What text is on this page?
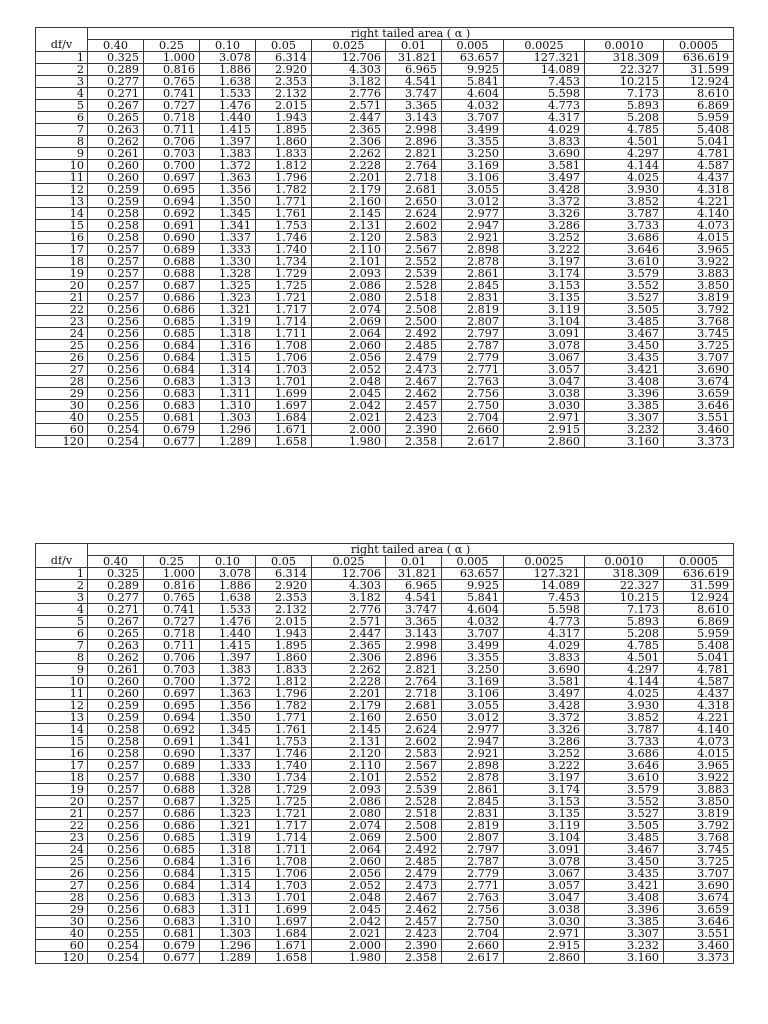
	right tailed area ( α )									
df/v	0.40	0.25	0.10	0.05	0.025	0.01	0.005	0.0025	0.0010	0.0005
1	0.325	1.000	3.078	6.314	12.706	31.821	63.657	127.321	318.309	636.619
2	0.289	0.816	1.886	2.920	4.303	6.965	9.925	14.089	22.327	31.599
3	0.277	0.765	1.638	2.353	3.182	4.541	5.841	7.453	10.215	12.924
4	0.271	0.741	1.533	2.132	2.776	3.747	4.604	5.598	7.173	8.610
5	0.267	0.727	1.476	2.015	2.571	3.365	4.032	4.773	5.893	6.869
6	0.265	0.718	1.440	1.943	2.447	3.143	3.707	4.317	5.208	5.959
7	0.263	0.711	1.415	1.895	2.365	2.998	3.499	4.029	4.785	5.408
8	0.262	0.706	1.397	1.860	2.306	2.896	3.355	3.833	4.501	5.041
9	0.261	0.703	1.383	1.833	2.262	2.821	3.250	3.690	4.297	4.781
10	0.260	0.700	1.372	1.812	2.228	2.764	3.169	3.581	4.144	4.587
11	0.260	0.697	1.363	1.796	2.201	2.718	3.106	3.497	4.025	4.437
12	0.259	0.695	1.356	1.782	2.179	2.681	3.055	3.428	3.930	4.318
13	0.259	0.694	1.350	1.771	2.160	2.650	3.012	3.372	3.852	4.221
14	0.258	0.692	1.345	1.761	2.145	2.624	2.977	3.326	3.787	4.140
15	0.258	0.691	1.341	1.753	2.131	2.602	2.947	3.286	3.733	4.073
16	0.258	0.690	1.337	1.746	2.120	2.583	2.921	3.252	3.686	4.015
17	0.257	0.689	1.333	1.740	2.110	2.567	2.898	3.222	3.646	3.965
18	0.257	0.688	1.330	1.734	2.101	2.552	2.878	3.197	3.610	3.922
19	0.257	0.688	1.328	1.729	2.093	2.539	2.861	3.174	3.579	3.883
20	0.257	0.687	1.325	1.725	2.086	2.528	2.845	3.153	3.552	3.850
21	0.257	0.686	1.323	1.721	2.080	2.518	2.831	3.135	3.527	3.819
22	0.256	0.686	1.321	1.717	2.074	2.508	2.819	3.119	3.505	3.792
23	0.256	0.685	1.319	1.714	2.069	2.500	2.807	3.104	3.485	3.768
24	0.256	0.685	1.318	1.711	2.064	2.492	2.797	3.091	3.467	3.745
25	0.256	0.684	1.316	1.708	2.060	2.485	2.787	3.078	3.450	3.725
26	0.256	0.684	1.315	1.706	2.056	2.479	2.779	3.067	3.435	3.707
27	0.256	0.684	1.314	1.703	2.052	2.473	2.771	3.057	3.421	3.690
28	0.256	0.683	1.313	1.701	2.048	2.467	2.763	3.047	3.408	3.674
29	0.256	0.683	1.311	1.699	2.045	2.462	2.756	3.038	3.396	3.659
30	0.256	0.683	1.310	1.697	2.042	2.457	2.750	3.030	3.385	3.646
40	0.255	0.681	1.303	1.684	2.021	2.423	2.704	2.971	3.307	3.551
60	0.254	0.679	1.296	1.671	2.000	2.390	2.660	2.915	3.232	3.460
120	0.254	0.677	1.289	1.658	1.980	2.358	2.617	2.860	3.160	3.373
	right tailed area ( α )									
df/v	0.40	0.25	0.10	0.05	0.025	0.01	0.005	0.0025	0.0010	0.0005
1	0.325	1.000	3.078	6.314	12.706	31.821	63.657	127.321	318.309	636.619
2	0.289	0.816	1.886	2.920	4.303	6.965	9.925	14.089	22.327	31.599
3	0.277	0.765	1.638	2.353	3.182	4.541	5.841	7.453	10.215	12.924
4	0.271	0.741	1.533	2.132	2.776	3.747	4.604	5.598	7.173	8.610
5	0.267	0.727	1.476	2.015	2.571	3.365	4.032	4.773	5.893	6.869
6	0.265	0.718	1.440	1.943	2.447	3.143	3.707	4.317	5.208	5.959
7	0.263	0.711	1.415	1.895	2.365	2.998	3.499	4.029	4.785	5.408
8	0.262	0.706	1.397	1.860	2.306	2.896	3.355	3.833	4.501	5.041
9	0.261	0.703	1.383	1.833	2.262	2.821	3.250	3.690	4.297	4.781
10	0.260	0.700	1.372	1.812	2.228	2.764	3.169	3.581	4.144	4.587
11	0.260	0.697	1.363	1.796	2.201	2.718	3.106	3.497	4.025	4.437
12	0.259	0.695	1.356	1.782	2.179	2.681	3.055	3.428	3.930	4.318
13	0.259	0.694	1.350	1.771	2.160	2.650	3.012	3.372	3.852	4.221
14	0.258	0.692	1.345	1.761	2.145	2.624	2.977	3.326	3.787	4.140
15	0.258	0.691	1.341	1.753	2.131	2.602	2.947	3.286	3.733	4.073
16	0.258	0.690	1.337	1.746	2.120	2.583	2.921	3.252	3.686	4.015
17	0.257	0.689	1.333	1.740	2.110	2.567	2.898	3.222	3.646	3.965
18	0.257	0.688	1.330	1.734	2.101	2.552	2.878	3.197	3.610	3.922
19	0.257	0.688	1.328	1.729	2.093	2.539	2.861	3.174	3.579	3.883
20	0.257	0.687	1.325	1.725	2.086	2.528	2.845	3.153	3.552	3.850
21	0.257	0.686	1.323	1.721	2.080	2.518	2.831	3.135	3.527	3.819
22	0.256	0.686	1.321	1.717	2.074	2.508	2.819	3.119	3.505	3.792
23	0.256	0.685	1.319	1.714	2.069	2.500	2.807	3.104	3.485	3.768
24	0.256	0.685	1.318	1.711	2.064	2.492	2.797	3.091	3.467	3.745
25	0.256	0.684	1.316	1.708	2.060	2.485	2.787	3.078	3.450	3.725
26	0.256	0.684	1.315	1.706	2.056	2.479	2.779	3.067	3.435	3.707
27	0.256	0.684	1.314	1.703	2.052	2.473	2.771	3.057	3.421	3.690
28	0.256	0.683	1.313	1.701	2.048	2.467	2.763	3.047	3.408	3.674
29	0.256	0.683	1.311	1.699	2.045	2.462	2.756	3.038	3.396	3.659
30	0.256	0.683	1.310	1.697	2.042	2.457	2.750	3.030	3.385	3.646
40	0.255	0.681	1.303	1.684	2.021	2.423	2.704	2.971	3.307	3.551
60	0.254	0.679	1.296	1.671	2.000	2.390	2.660	2.915	3.232	3.460
120	0.254	0.677	1.289	1.658	1.980	2.358	2.617	2.860	3.160	3.373
